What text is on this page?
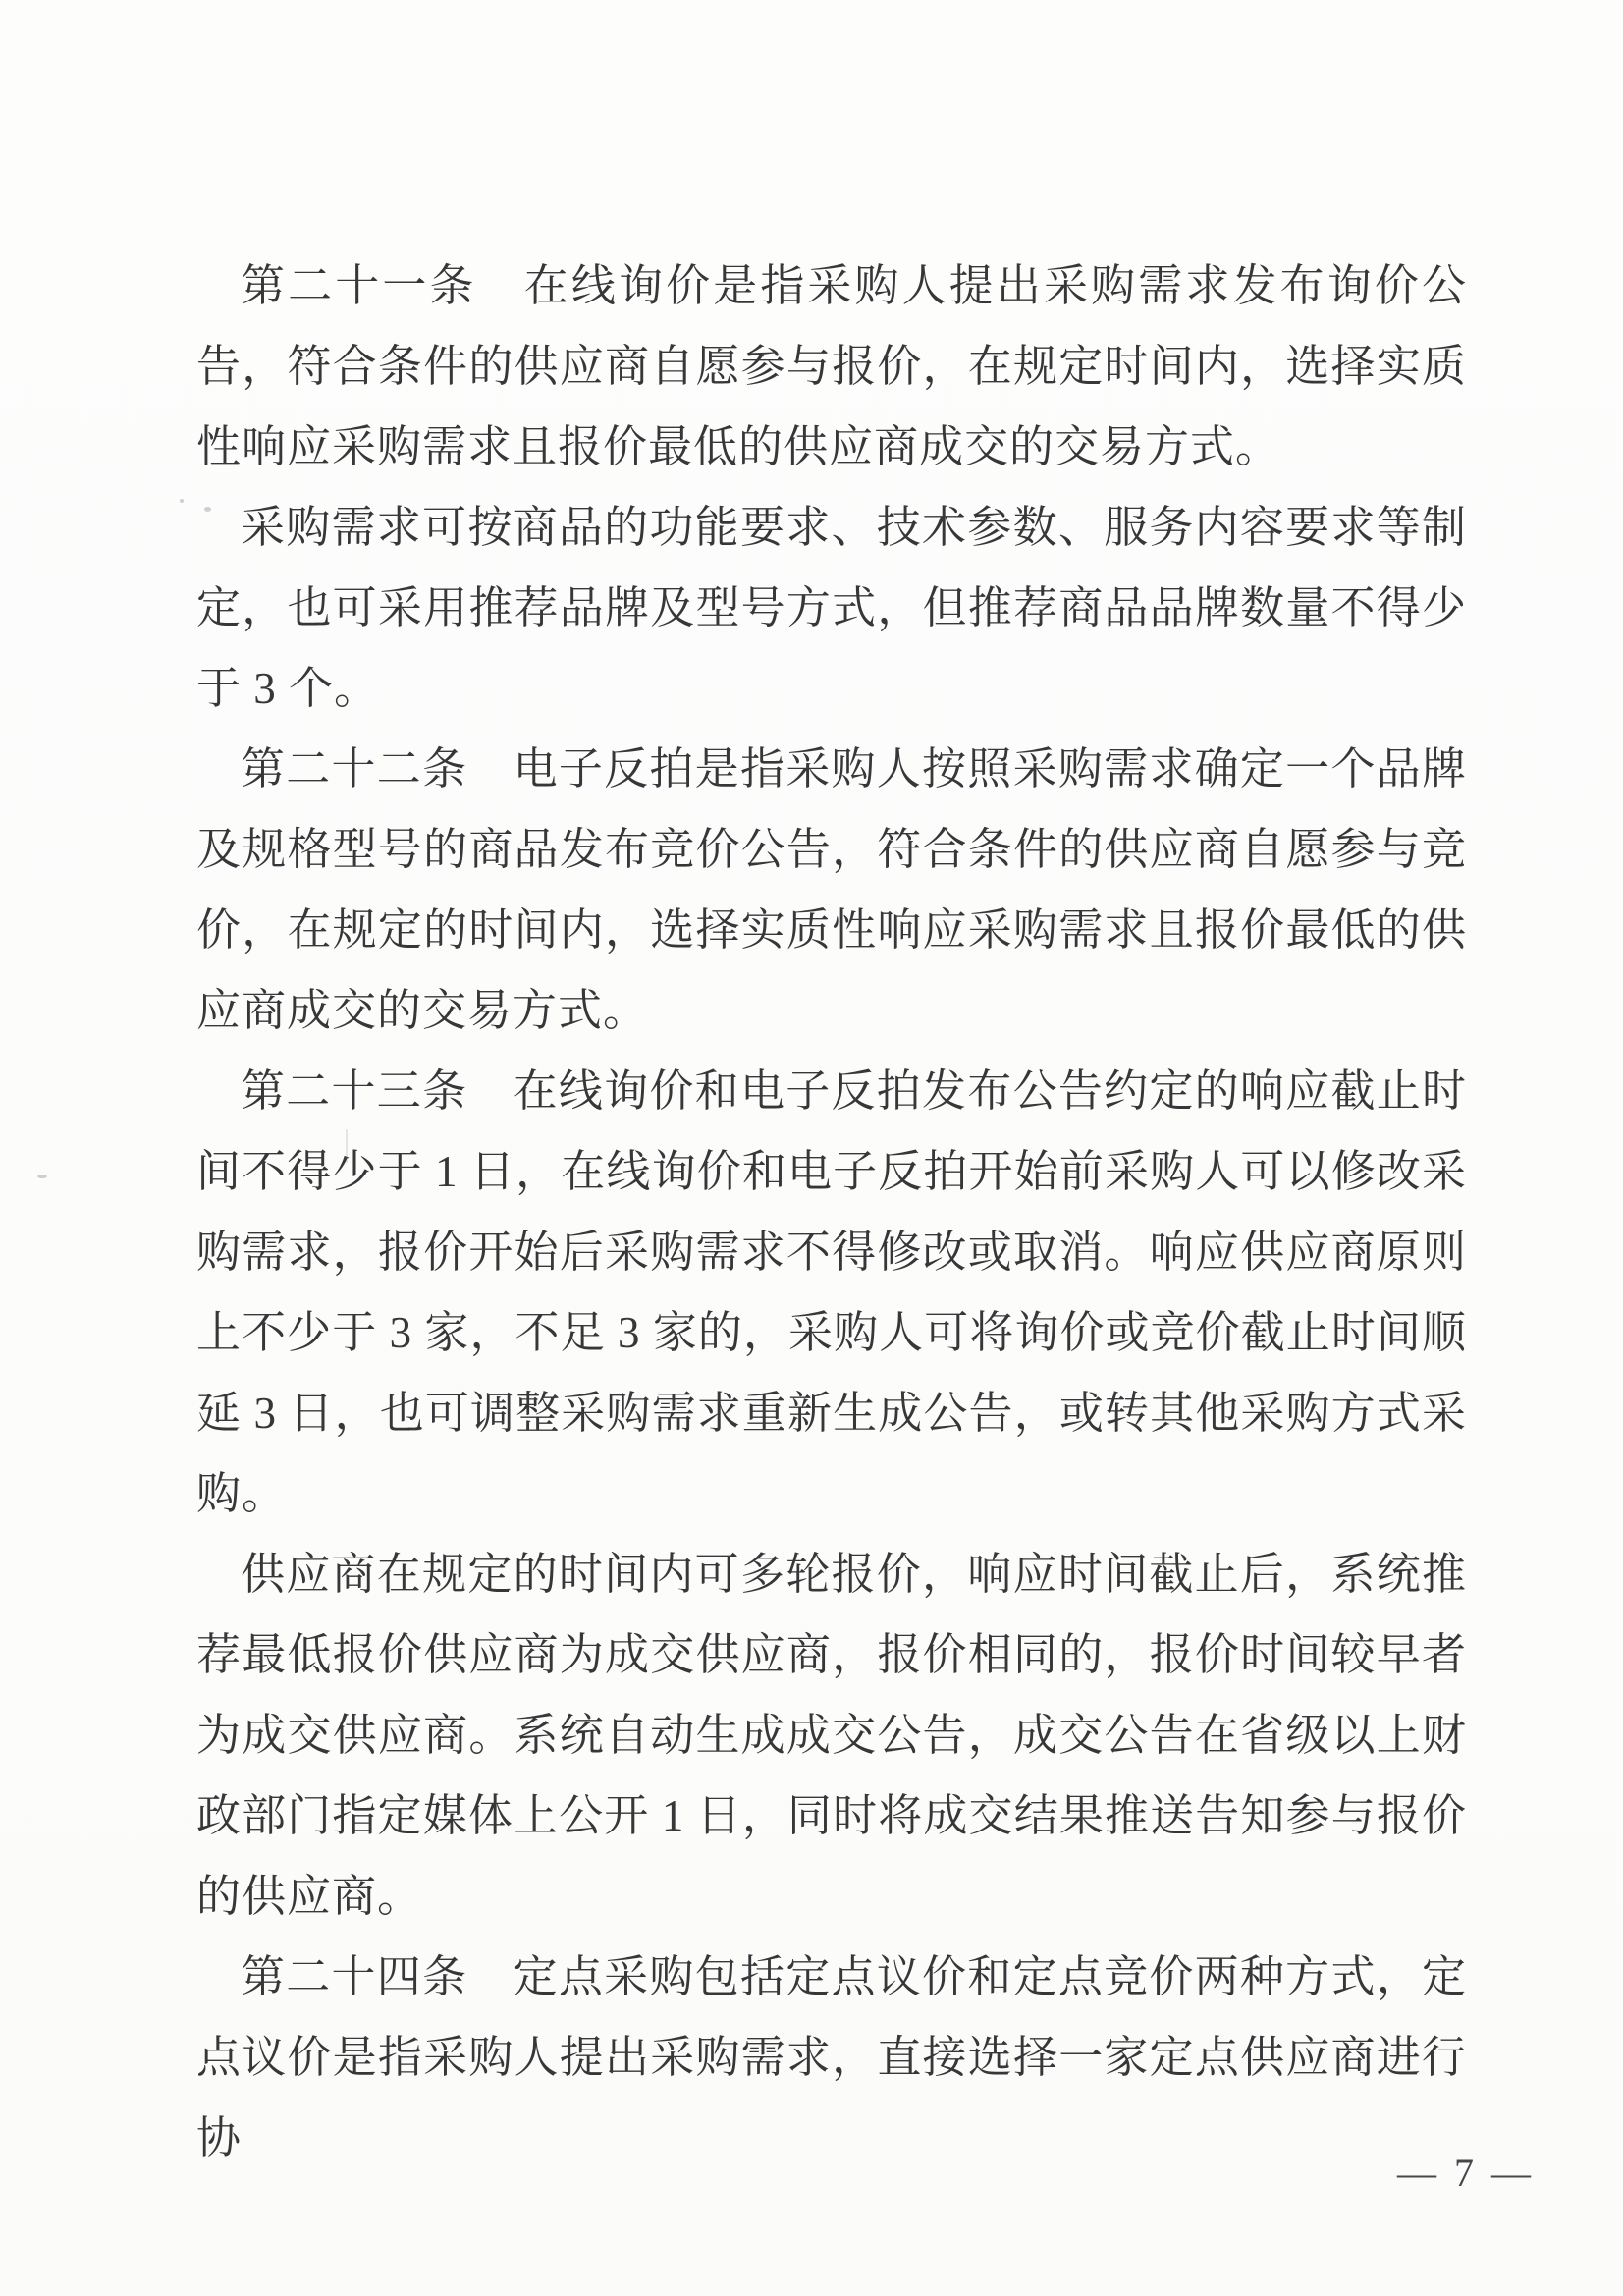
第二十一条　在线询价是指采购人提出采购需求发布询价公告，符合条件的供应商自愿参与报价，在规定时间内，选择实质性响应采购需求且报价最低的供应商成交的交易方式。

采购需求可按商品的功能要求、技术参数、服务内容要求等制定，也可采用推荐品牌及型号方式，但推荐商品品牌数量不得少于 3 个。

第二十二条　电子反拍是指采购人按照采购需求确定一个品牌及规格型号的商品发布竞价公告，符合条件的供应商自愿参与竞价，在规定的时间内，选择实质性响应采购需求且报价最低的供应商成交的交易方式。

第二十三条　在线询价和电子反拍发布公告约定的响应截止时间不得少于 1 日，在线询价和电子反拍开始前采购人可以修改采购需求，报价开始后采购需求不得修改或取消。响应供应商原则上不少于 3 家，不足 3 家的，采购人可将询价或竞价截止时间顺延 3 日，也可调整采购需求重新生成公告，或转其他采购方式采购。

供应商在规定的时间内可多轮报价，响应时间截止后，系统推荐最低报价供应商为成交供应商，报价相同的，报价时间较早者为成交供应商。系统自动生成成交公告，成交公告在省级以上财政部门指定媒体上公开 1 日，同时将成交结果推送告知参与报价的供应商。

第二十四条　定点采购包括定点议价和定点竞价两种方式，定点议价是指采购人提出采购需求，直接选择一家定点供应商进行协

— 7 —
